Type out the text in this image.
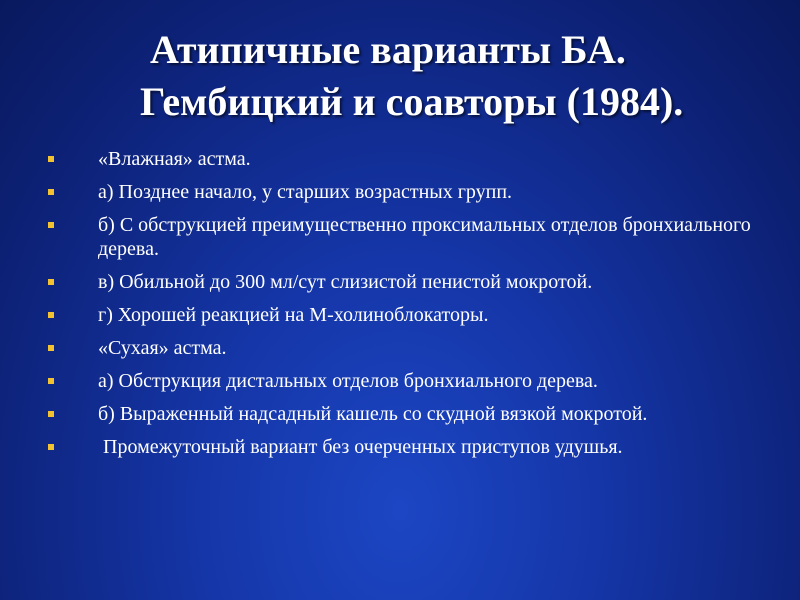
Атипичные варианты БА.
Гембицкий и соавторы (1984).
«Влажная» астма.
а) Позднее начало, у старших возрастных групп.
б) С обструкцией преимущественно проксимальных отделов бронхиального дерева.
в) Обильной до 300 мл/сут слизистой пенистой мокротой.
г) Хорошей реакцией на М-холиноблокаторы.
«Сухая» астма.
а) Обструкция дистальных отделов бронхиального дерева.
б) Выраженный надсадный кашель со скудной вязкой мокротой.
Промежуточный вариант без очерченных приступов удушья.
